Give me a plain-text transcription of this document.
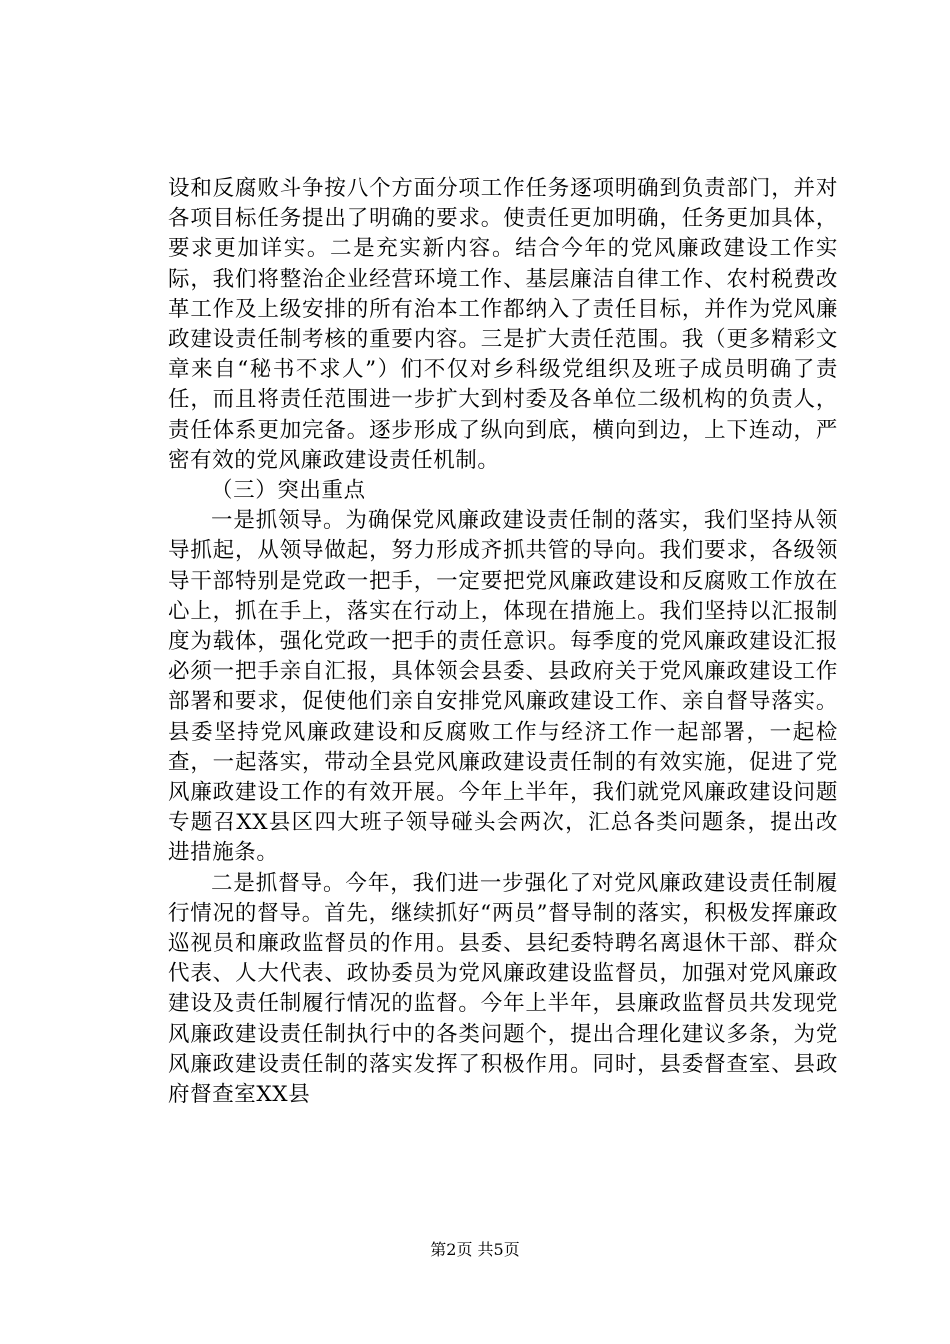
设和反腐败斗争按八个方面分项工作任务逐项明确到负责部门，并对各项目标任务提出了明确的要求。使责任更加明确，任务更加具体，要求更加详实。二是充实新内容。结合今年的党风廉政建设工作实际，我们将整治企业经营环境工作、基层廉洁自律工作、农村税费改革工作及上级安排的所有治本工作都纳入了责任目标，并作为党风廉政建设责任制考核的重要内容。三是扩大责任范围。我（更多精彩文章来自“秘书不求人”）们不仅对乡科级党组织及班子成员明确了责任，而且将责任范围进一步扩大到村委及各单位二级机构的负责人，责任体系更加完备。逐步形成了纵向到底，横向到边，上下连动，严密有效的党风廉政建设责任机制。

（三）突出重点

一是抓领导。为确保党风廉政建设责任制的落实，我们坚持从领导抓起，从领导做起，努力形成齐抓共管的导向。我们要求，各级领导干部特别是党政一把手，一定要把党风廉政建设和反腐败工作放在心上，抓在手上，落实在行动上，体现在措施上。我们坚持以汇报制度为载体，强化党政一把手的责任意识。每季度的党风廉政建设汇报必须一把手亲自汇报，具体领会县委、县政府关于党风廉政建设工作部署和要求，促使他们亲自安排党风廉政建设工作、亲自督导落实。县委坚持党风廉政建设和反腐败工作与经济工作一起部署，一起检查，一起落实，带动全县党风廉政建设责任制的有效实施，促进了党风廉政建设工作的有效开展。今年上半年，我们就党风廉政建设问题专题召XX县区四大班子领导碰头会两次，汇总各类问题条，提出改进措施条。

二是抓督导。今年，我们进一步强化了对党风廉政建设责任制履行情况的督导。首先，继续抓好“两员”督导制的落实，积极发挥廉政巡视员和廉政监督员的作用。县委、县纪委特聘名离退休干部、群众代表、人大代表、政协委员为党风廉政建设监督员，加强对党风廉政建设及责任制履行情况的监督。今年上半年，县廉政监督员共发现党风廉政建设责任制执行中的各类问题个，提出合理化建议多条，为党风廉政建设责任制的落实发挥了积极作用。同时，县委督查室、县政府督查室XX县

第2页 共5页
